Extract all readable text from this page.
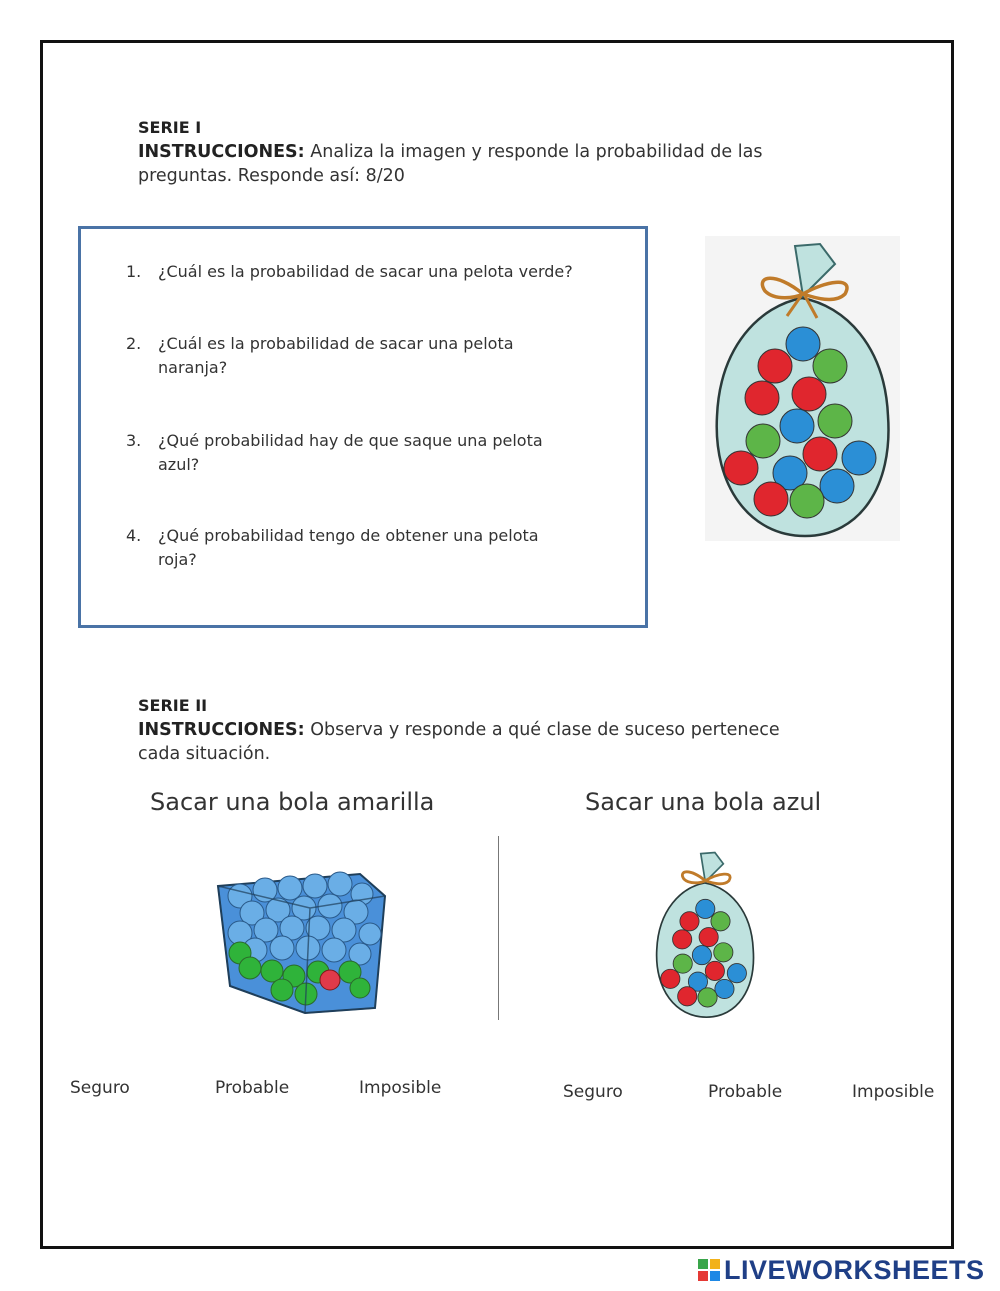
SERIE I
INSTRUCCIONES: Analiza la imagen y responde la probabilidad de las
preguntas. Responde así: 8/20
1.	¿Cuál es la probabilidad de sacar una pelota verde?

2.	¿Cuál es la probabilidad de sacar una pelota
naranja?
3.	¿Qué probabilidad hay de que saque una pelota
azul?
4.	¿Qué probabilidad tengo de obtener una pelota
roja?
SERIE II
INSTRUCCIONES: Observa y responde a qué clase de suceso pertenece
cada situación.
Sacar una bola amarilla	Sacar una bola azul
Seguro	Probable	Imposible	Seguro	Probable	Imposible
LIVEWORKSHEETS
